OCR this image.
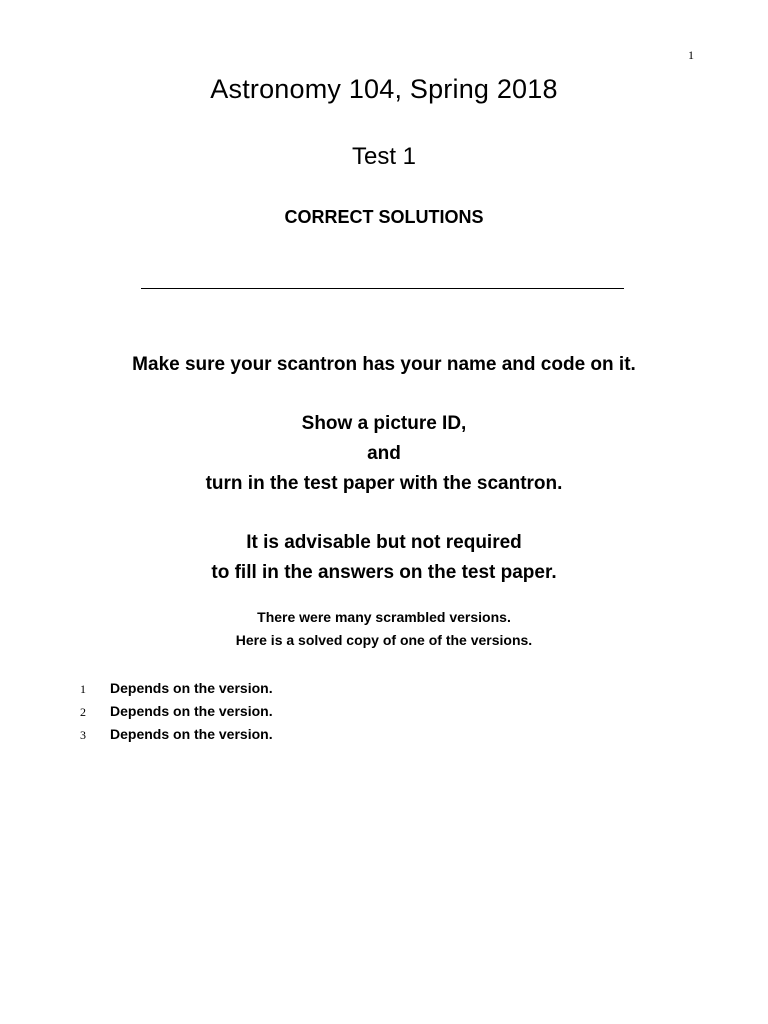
1
Astronomy 104, Spring 2018
Test 1
CORRECT SOLUTIONS
Make sure your scantron has your name and code on it.
Show a picture ID,
and
turn in the test paper with the scantron.
It is advisable but not required
to fill in the answers on the test paper.
There were many scrambled versions.
Here is a solved copy of one of the versions.
1 Depends on the version.
2 Depends on the version.
3 Depends on the version.
